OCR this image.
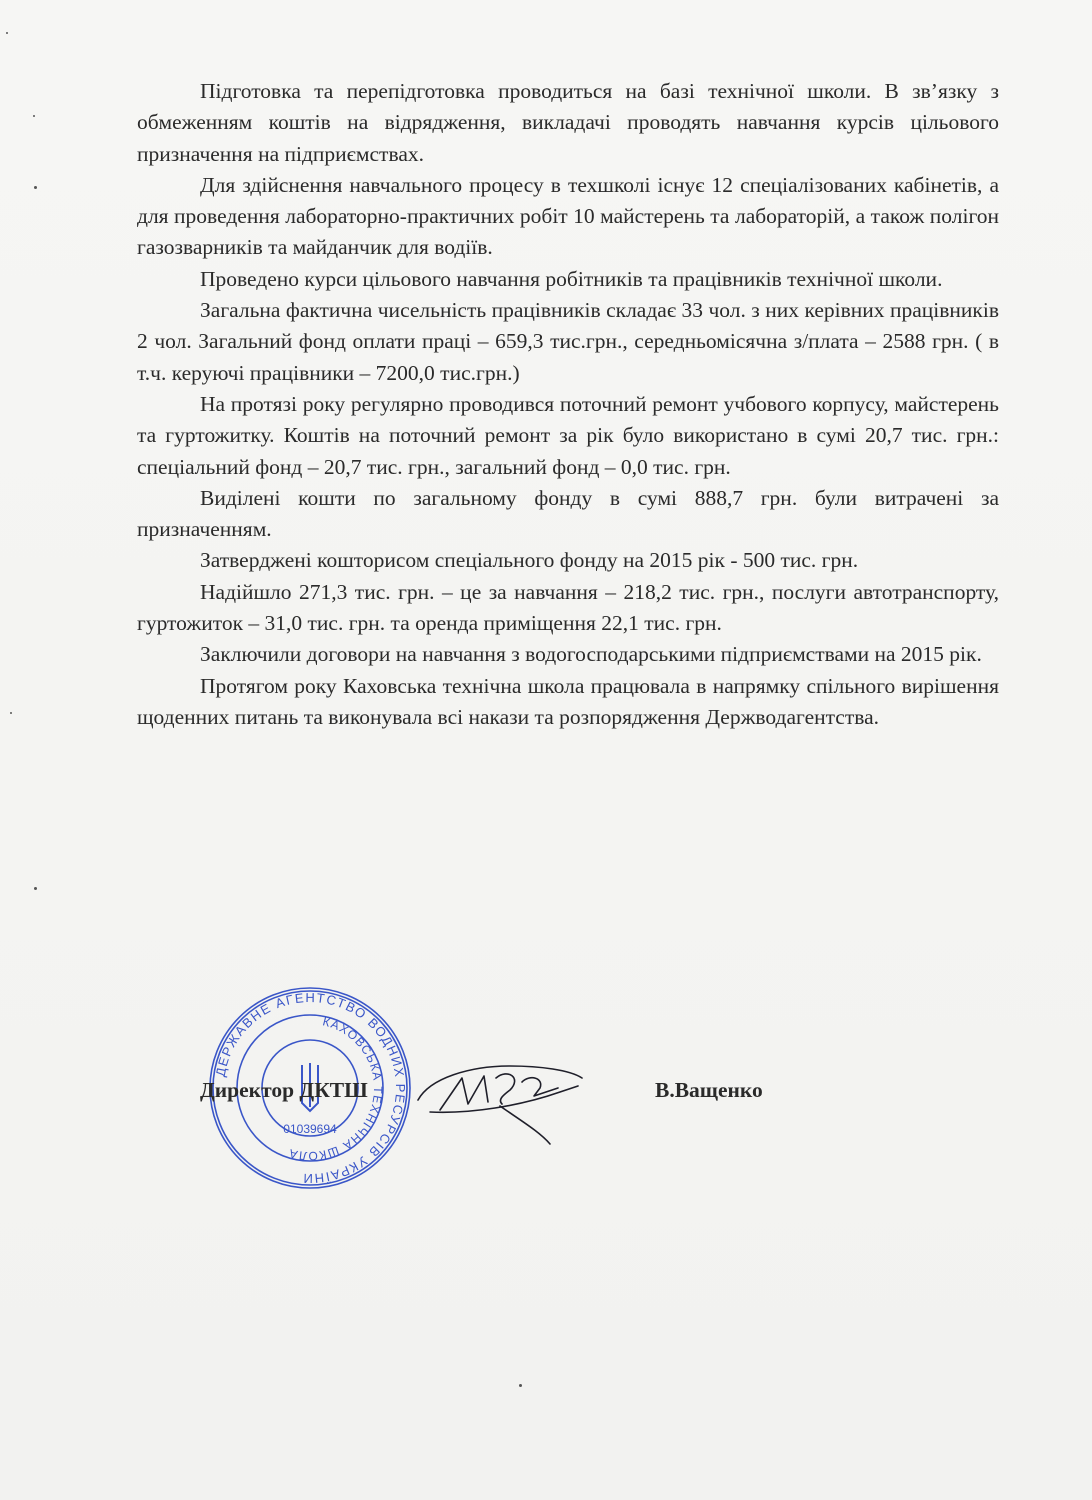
Підготовка та перепідготовка проводиться на базі технічної школи. В зв’язку з обмеженням коштів на відрядження, викладачі проводять навчання курсів цільового призначення на підприємствах.

Для здійснення навчального процесу в техшколі існує 12 спеціалізованих кабінетів, а для проведення лабораторно-практичних робіт 10 майстерень та лабораторій, а також полігон газозварників та майданчик для водіїв.

Проведено курси цільового навчання робітників та працівників технічної школи.

Загальна фактична чисельність працівників складає 33 чол. з них керівних працівників 2 чол. Загальний фонд оплати праці – 659,3 тис.грн., середньомісячна з/плата – 2588 грн. ( в т.ч. керуючі працівники – 7200,0 тис.грн.)

На протязі року регулярно проводився поточний ремонт учбового корпусу, майстерень та гуртожитку. Коштів на поточний ремонт за рік було використано в сумі 20,7 тис. грн.: спеціальний фонд – 20,7 тис. грн., загальний фонд – 0,0 тис. грн.

Виділені кошти по загальному фонду в сумі 888,7 грн. були витрачені за призначенням.

Затверджені кошторисом спеціального фонду на 2015 рік - 500 тис. грн.

Надійшло 271,3 тис. грн. – це за навчання – 218,2 тис. грн., послуги автотранспорту, гуртожиток – 31,0 тис. грн. та оренда приміщення 22,1 тис. грн.

Заключили договори на навчання з водогосподарськими підприємствами на 2015 рік.

Протягом року Каховська технічна школа працювала в напрямку спільного вирішення щоденних питань та виконувала всі накази та розпорядження Держводагентства.

ДЕРЖАВНЕ АГЕНТСТВО ВОДНИХ РЕСУРСІВ УКРАЇНИ
КАХОВСЬКА ТЕХНІЧНА ШКОЛА
01039694
Директор ДКТШ	В.Ващенко
